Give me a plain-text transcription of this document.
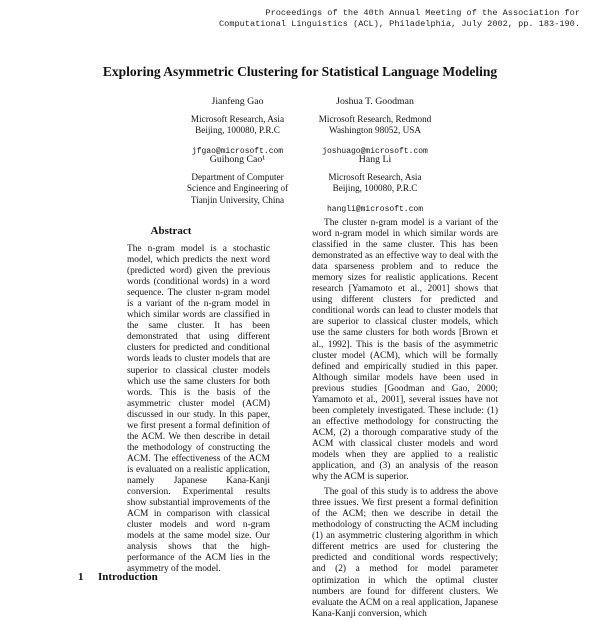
Proceedings of the 40th Annual Meeting of the Association for
Computational Linguistics (ACL), Philadelphia, July 2002, pp. 183-190.
Exploring Asymmetric Clustering for Statistical Language Modeling
Jianfeng Gao
Microsoft Research, Asia
Beijing, 100080, P.R.C
jfgao@microsoft.com
Joshua T. Goodman
Microsoft Research, Redmond
Washington 98052, USA
joshuago@microsoft.com
Guihong Cao¹
Department of Computer
Science and Engineering of
Tianjin University, China
Hang Li
Microsoft Research, Asia
Beijing, 100080, P.R.C
hangli@microsoft.com
Abstract

The n-gram model is a stochastic model, which predicts the next word (predicted word) given the previous words (conditional words) in a word sequence. The cluster n-gram model is a variant of the n-gram model in which similar words are classified in the same cluster. It has been demonstrated that using different clusters for predicted and conditional words leads to cluster models that are superior to classical cluster models which use the same clusters for both words. This is the basis of the asymmetric cluster model (ACM) discussed in our study. In this paper, we first present a formal definition of the ACM. We then describe in detail the methodology of constructing the ACM. The effectiveness of the ACM is evaluated on a realistic application, namely Japanese Kana-Kanji conversion. Experimental results show substantial improvements of the ACM in comparison with classical cluster models and word n-gram models at the same model size. Our analysis shows that the high-performance of the ACM lies in the asymmetry of the model.

The cluster n-gram model is a variant of the word n-gram model in which similar words are classified in the same cluster. This has been demonstrated as an effective way to deal with the data sparseness problem and to reduce the memory sizes for realistic applications. Recent research [Yamamoto et al., 2001] shows that using different clusters for predicted and conditional words can lead to cluster models that are superior to classical cluster models, which use the same clusters for both words [Brown et al., 1992]. This is the basis of the asymmetric cluster model (ACM), which will be formally defined and empirically studied in this paper. Although similar models have been used in previous studies [Goodman and Gao, 2000; Yamamoto et al., 2001], several issues have not been completely investigated. These include: (1) an effective methodology for constructing the ACM, (2) a thorough comparative study of the ACM with classical cluster models and word models when they are applied to a realistic application, and (3) an analysis of the reason why the ACM is superior.

The goal of this study is to address the above three issues. We first present a formal definition of the ACM; then we describe in detail the methodology of constructing the ACM including (1) an asymmetric clustering algorithm in which different metrics are used for clustering the predicted and conditional words respectively; and (2) a method for model parameter optimization in which the optimal cluster numbers are found for different clusters. We evaluate the ACM on a real application, Japanese Kana-Kanji conversion, which

1 Introduction
